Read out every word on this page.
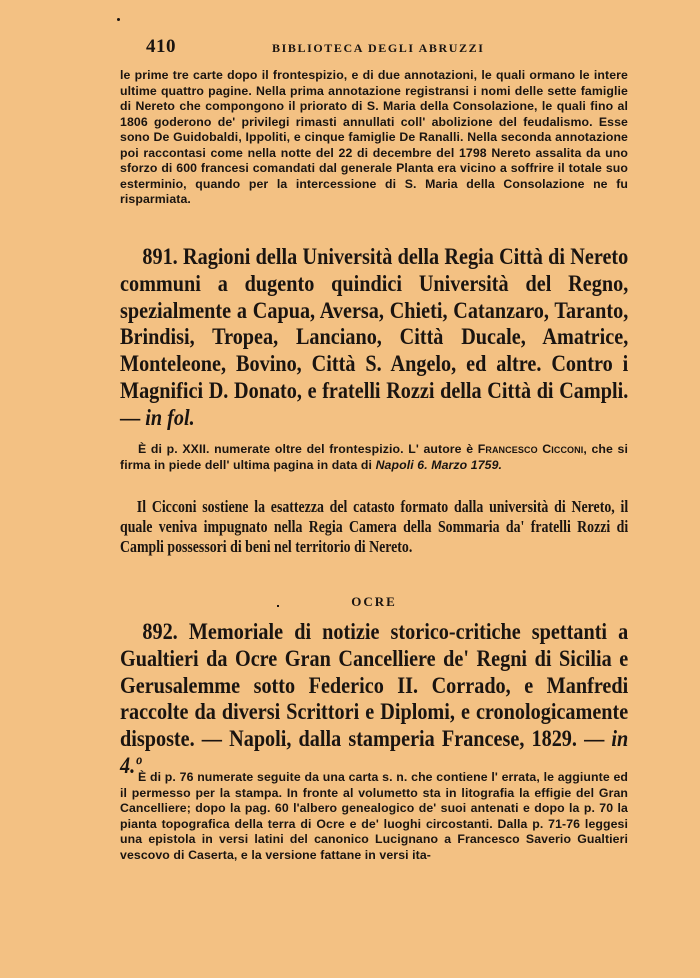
410	BIBLIOTECA DEGLI ABRUZZI

le prime tre carte dopo il frontespizio, e di due annotazioni, le quali ormano le intere ultime quattro pagine. Nella prima annotazione registransi i nomi delle sette famiglie di Nereto che compongono il priorato di S. Maria della Consolazione, le quali fino al 1806 goderono de' privilegi rimasti annullati coll' abolizione del feudalismo. Esse sono De Guidobaldi, Ippoliti, e cinque famiglie De Ranalli. Nella seconda annotazione poi raccontasi come nella notte del 22 di decembre del 1798 Nereto assalita da uno sforzo di 600 francesi comandati dal generale Planta era vicino a soffrire il totale suo esterminio, quando per la intercessione di S. Maria della Consolazione ne fu risparmiata.

891. Ragioni della Università della Regia Città di Nereto communi a dugento quindici Università del Regno, spezialmente a Capua, Aversa, Chieti, Catanzaro, Taranto, Brindisi, Tropea, Lanciano, Città Ducale, Amatrice, Monteleone, Bovino, Città S. Angelo, ed altre. Contro i Magnifici D. Donato, e fratelli Rozzi della Città di Campli. — in fol.

È di p. XXII. numerate oltre del frontespizio. L' autore è Francesco Cicconi, che si firma in piede dell' ultima pagina in data di Napoli 6. Marzo 1759.

Il Cicconi sostiene la esattezza del catasto formato dalla università di Nereto, il quale veniva impugnato nella Regia Camera della Sommaria da' fratelli Rozzi di Campli possessori di beni nel territorio di Nereto.

OCRE

892. Memoriale di notizie storico-critiche spettanti a Gualtieri da Ocre Gran Cancelliere de' Regni di Sicilia e Gerusalemme sotto Federico II. Corrado, e Manfredi raccolte da diversi Scrittori e Diplomi, e cronologicamente disposte. — Napoli, dalla stamperia Francese, 1829. — in 4.º

È di p. 76 numerate seguite da una carta s. n. che contiene l' errata, le aggiunte ed il permesso per la stampa. In fronte al volumetto sta in litografia la effigie del Gran Cancelliere; dopo la pag. 60 l'albero genealogico de' suoi antenati e dopo la p. 70 la pianta topografica della terra di Ocre e de' luoghi circostanti. Dalla p. 71-76 leggesi una epistola in versi latini del canonico Lucignano a Francesco Saverio Gualtieri vescovo di Caserta, e la versione fattane in versi ita-
